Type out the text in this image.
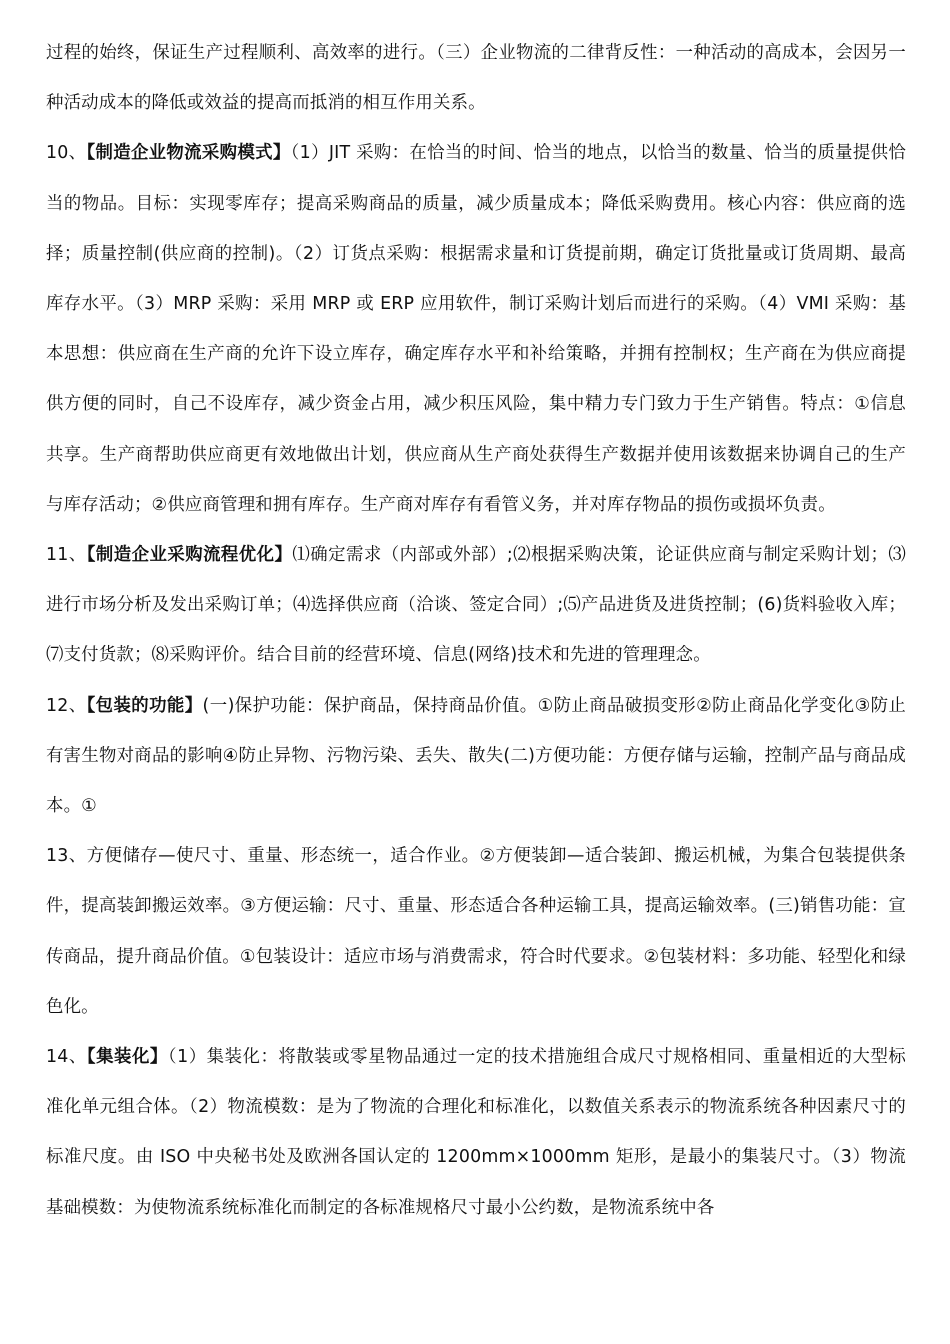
过程的始终，保证生产过程顺利、高效率的进行。（三）企业物流的二律背反性：一种活动的高成本，会因另一种活动成本的降低或效益的提高而抵消的相互作用关系。

10、【制造企业物流采购模式】（1）JIT 采购：在恰当的时间、恰当的地点，以恰当的数量、恰当的质量提供恰当的物品。目标：实现零库存；提高采购商品的质量，减少质量成本；降低采购费用。核心内容：供应商的选择；质量控制(供应商的控制)。（2）订货点采购：根据需求量和订货提前期，确定订货批量或订货周期、最高库存水平。（3）MRP 采购：采用 MRP 或 ERP 应用软件，制订采购计划后而进行的采购。（4）VMI 采购：基本思想：供应商在生产商的允许下设立库存，确定库存水平和补给策略，并拥有控制权；生产商在为供应商提供方便的同时，自己不设库存，减少资金占用，减少积压风险，集中精力专门致力于生产销售。特点：①信息共享。生产商帮助供应商更有效地做出计划，供应商从生产商处获得生产数据并使用该数据来协调自己的生产与库存活动；②供应商管理和拥有库存。生产商对库存有看管义务，并对库存物品的损伤或损坏负责。

11、【制造企业采购流程优化】⑴确定需求（内部或外部）;⑵根据采购决策，论证供应商与制定采购计划；⑶进行市场分析及发出采购订单；⑷选择供应商（洽谈、签定合同）;⑸产品进货及进货控制；(6)货料验收入库；⑺支付货款；⑻采购评价。结合目前的经营环境、信息(网络)技术和先进的管理理念。

12、【包装的功能】(一)保护功能：保护商品，保持商品价值。①防止商品破损变形②防止商品化学变化③防止有害生物对商品的影响④防止异物、污物污染、丢失、散失(二)方便功能：方便存储与运输，控制产品与商品成本。①

13、方便储存—使尺寸、重量、形态统一，适合作业。②方便装卸—适合装卸、搬运机械，为集合包装提供条件，提高装卸搬运效率。③方便运输：尺寸、重量、形态适合各种运输工具，提高运输效率。(三)销售功能：宣传商品，提升商品价值。①包装设计：适应市场与消费需求，符合时代要求。②包装材料：多功能、轻型化和绿色化。

14、【集装化】（1）集装化：将散装或零星物品通过一定的技术措施组合成尺寸规格相同、重量相近的大型标准化单元组合体。（2）物流模数：是为了物流的合理化和标准化，以数值关系表示的物流系统各种因素尺寸的标准尺度。由 ISO 中央秘书处及欧洲各国认定的 1200mm×1000mm 矩形，是最小的集装尺寸。（3）物流基础模数：为使物流系统标准化而制定的各标准规格尺寸最小公约数，是物流系统中各
